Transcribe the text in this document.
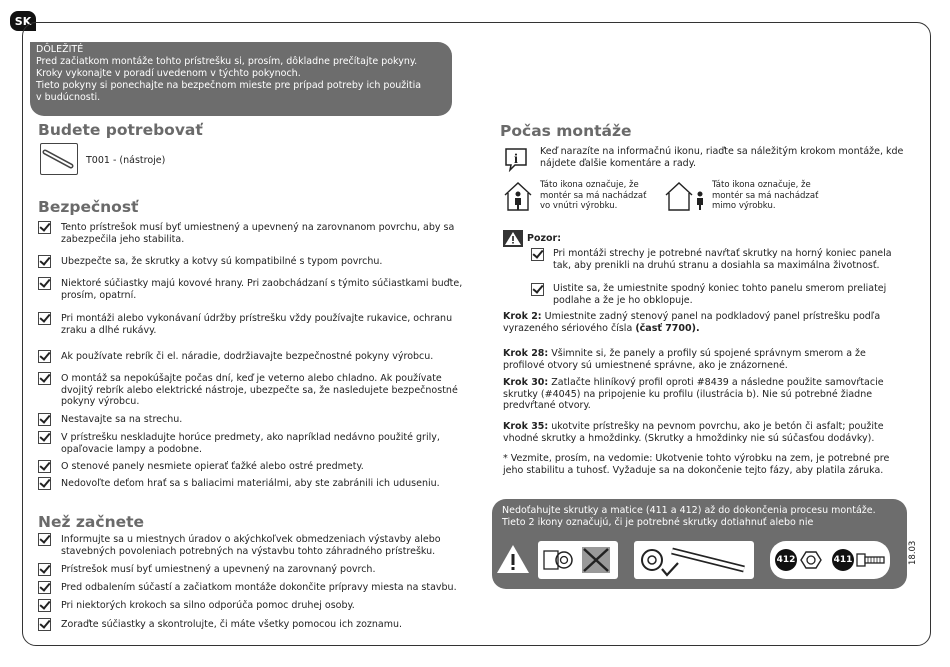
SK
DÔLEŽITÉ
Pred začiatkom montáže tohto prístrešku si, prosím, dôkladne prečítajte pokyny.
Kroky vykonajte v poradí uvedenom v týchto pokynoch.
Tieto pokyny si ponechajte na bezpečnom mieste pre prípad potreby ich použitia
v budúcnosti.
Budete potrebovať
T001 - (nástroje)
Bezpečnosť
Tento prístrešok musí byť umiestnený a upevnený na zarovnanom povrchu, aby sa zabezpečila jeho stabilita.
Ubezpečte sa, že skrutky a kotvy sú kompatibilné s typom povrchu.
Niektoré súčiastky majú kovové hrany. Pri zaobchádzaní s týmito súčiastkami buďte, prosím, opatrní.
Pri montáži alebo vykonávaní údržby prístrešku vždy používajte rukavice, ochranu zraku a dlhé rukávy.
Ak používate rebrík či el. náradie, dodržiavajte bezpečnostné pokyny výrobcu.
O montáž sa nepokúšajte počas dní, keď je veterno alebo chladno. Ak používate dvojitý rebrík alebo elektrické nástroje, ubezpečte sa, že nasledujete bezpečnostné pokyny výrobcu.
Nestavajte sa na strechu.
V prístrešku neskladujte horúce predmety, ako napríklad nedávno použité grily, opaľovacie lampy a podobne.
O stenové panely nesmiete opierať ťažké alebo ostré predmety.
Nedovoľte deťom hrať sa s baliacimi materiálmi, aby ste zabránili ich uduseniu.
Než začnete
Informujte sa u miestnych úradov o akýchkoľvek obmedzeniach výstavby alebo stavebných povoleniach potrebných na výstavbu tohto záhradného prístrešku.
Prístrešok musí byť umiestnený a upevnený na zarovnaný povrch.
Pred odbalením súčastí a začiatkom montáže dokončite prípravy miesta na stavbu.
Pri niektorých krokoch sa silno odporúča pomoc druhej osoby.
Zoraďte súčiastky a skontrolujte, či máte všetky pomocou ich zoznamu.
Počas montáže
i
Keď narazíte na informačnú ikonu, riaďte sa náležitým krokom montáže, kde nájdete ďalšie komentáre a rady.
Táto ikona označuje, že montér sa má nachádzať vo vnútri výrobku.
Táto ikona označuje, že montér sa má nachádzať mimo výrobku.
Pozor:
Pri montáži strechy je potrebné navŕtať skrutky na horný koniec panela tak, aby prenikli na druhú stranu a dosiahla sa maximálna životnosť.
Uistite sa, že umiestnite spodný koniec tohto panelu smerom preliatej podlahe a že je ho obklopuje.
Krok 2: Umiestnite zadný stenový panel na podkladový panel prístrešku podľa vyrazeného sériového čísla (časť 7700).
Krok 28: Všimnite si, že panely a profily sú spojené správnym smerom a že profilové otvory sú umiestnené správne, ako je znázornené.
Krok 30: Zatlačte hliníkový profil oproti #8439 a následne použite samovŕtacie skrutky (#4045) na pripojenie ku profilu (ilustrácia b). Nie sú potrebné žiadne predvŕtané otvory.
Krok 35: ukotvite prístrešky na pevnom povrchu, ako je betón či asfalt; použite vhodné skrutky a hmoždinky. (Skrutky a hmoždinky nie sú súčasťou dodávky).
* Vezmite, prosím, na vedomie: Ukotvenie tohto výrobku na zem, je potrebné pre jeho stabilitu a tuhosť. Vyžaduje sa na dokončenie tejto fázy, aby platila záruka.
Nedoťahujte skrutky a matice (411 a 412) až do dokončenia procesu montáže.
Tieto 2 ikony označujú, či je potrebné skrutky dotiahnuť alebo nie
412	411	18.03
